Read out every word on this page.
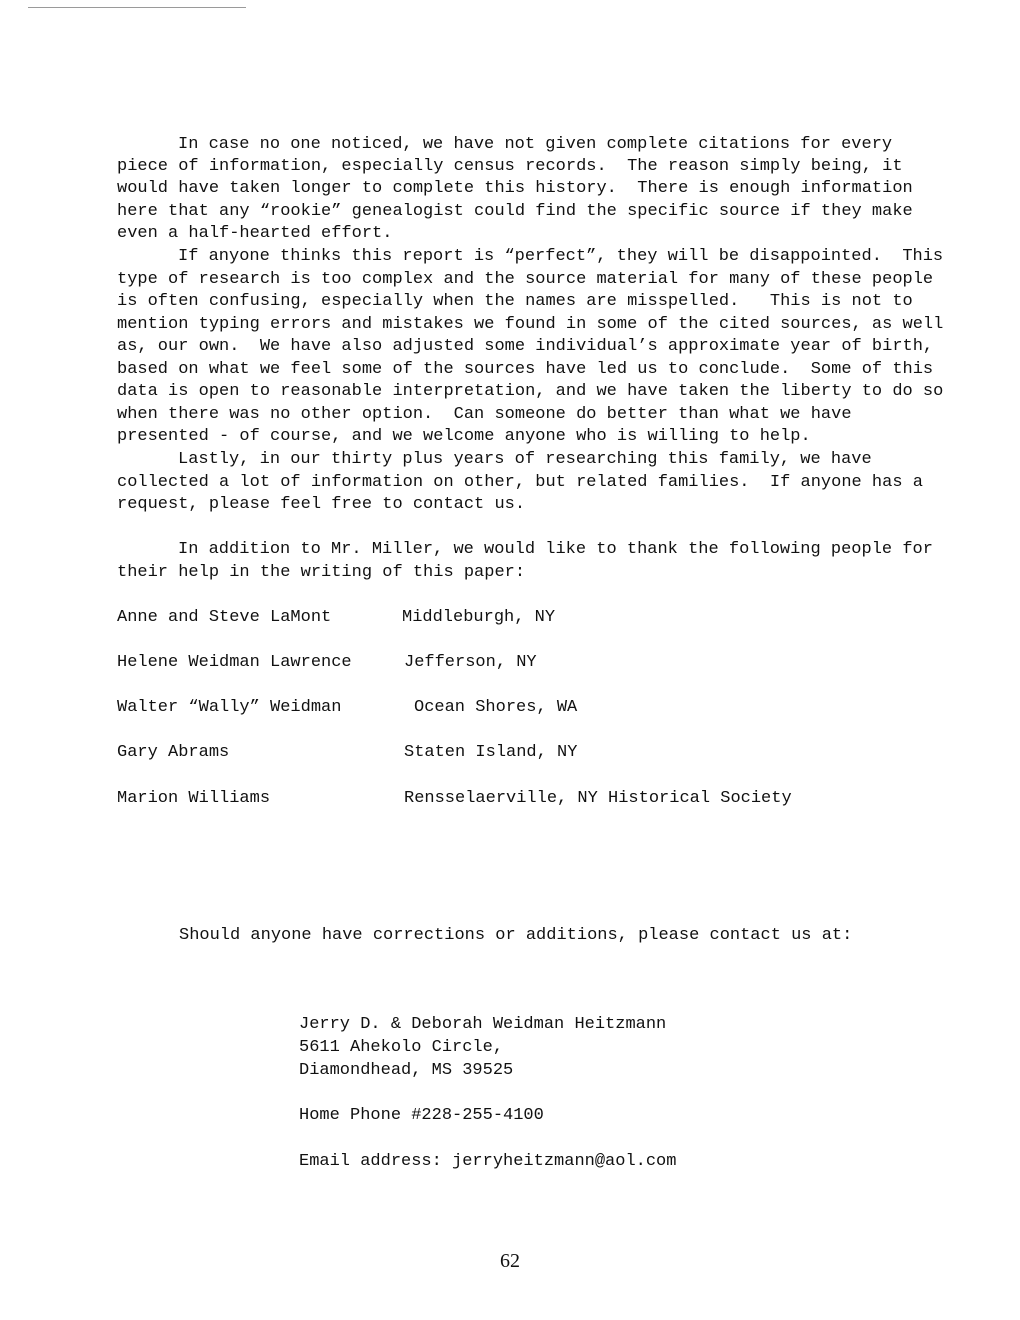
In case no one noticed, we have not given complete citations for every
piece of information, especially census records.  The reason simply being, it
would have taken longer to complete this history.  There is enough information
here that any “rookie” genealogist could find the specific source if they make
even a half-hearted effort.
If anyone thinks this report is “perfect”, they will be disappointed.  This
type of research is too complex and the source material for many of these people
is often confusing, especially when the names are misspelled.   This is not to
mention typing errors and mistakes we found in some of the cited sources, as well
as, our own.  We have also adjusted some individual’s approximate year of birth,
based on what we feel some of the sources have led us to conclude.  Some of this
data is open to reasonable interpretation, and we have taken the liberty to do so
when there was no other option.  Can someone do better than what we have
presented - of course, and we welcome anyone who is willing to help.
Lastly, in our thirty plus years of researching this family, we have
collected a lot of information on other, but related families.  If anyone has a
request, please feel free to contact us.
In addition to Mr. Miller, we would like to thank the following people for
their help in the writing of this paper:
Anne and Steve LaMont	Middleburgh, NY
Helene Weidman Lawrence	Jefferson, NY
Walter “Wally” Weidman	Ocean Shores, WA
Gary Abrams	Staten Island, NY
Marion Williams	Rensselaerville, NY Historical Society
Should anyone have corrections or additions, please contact us at:
Jerry D. & Deborah Weidman Heitzmann
5611 Ahekolo Circle,
Diamondhead, MS 39525
Home Phone #228-255-4100
Email address: jerryheitzmann@aol.com
62
